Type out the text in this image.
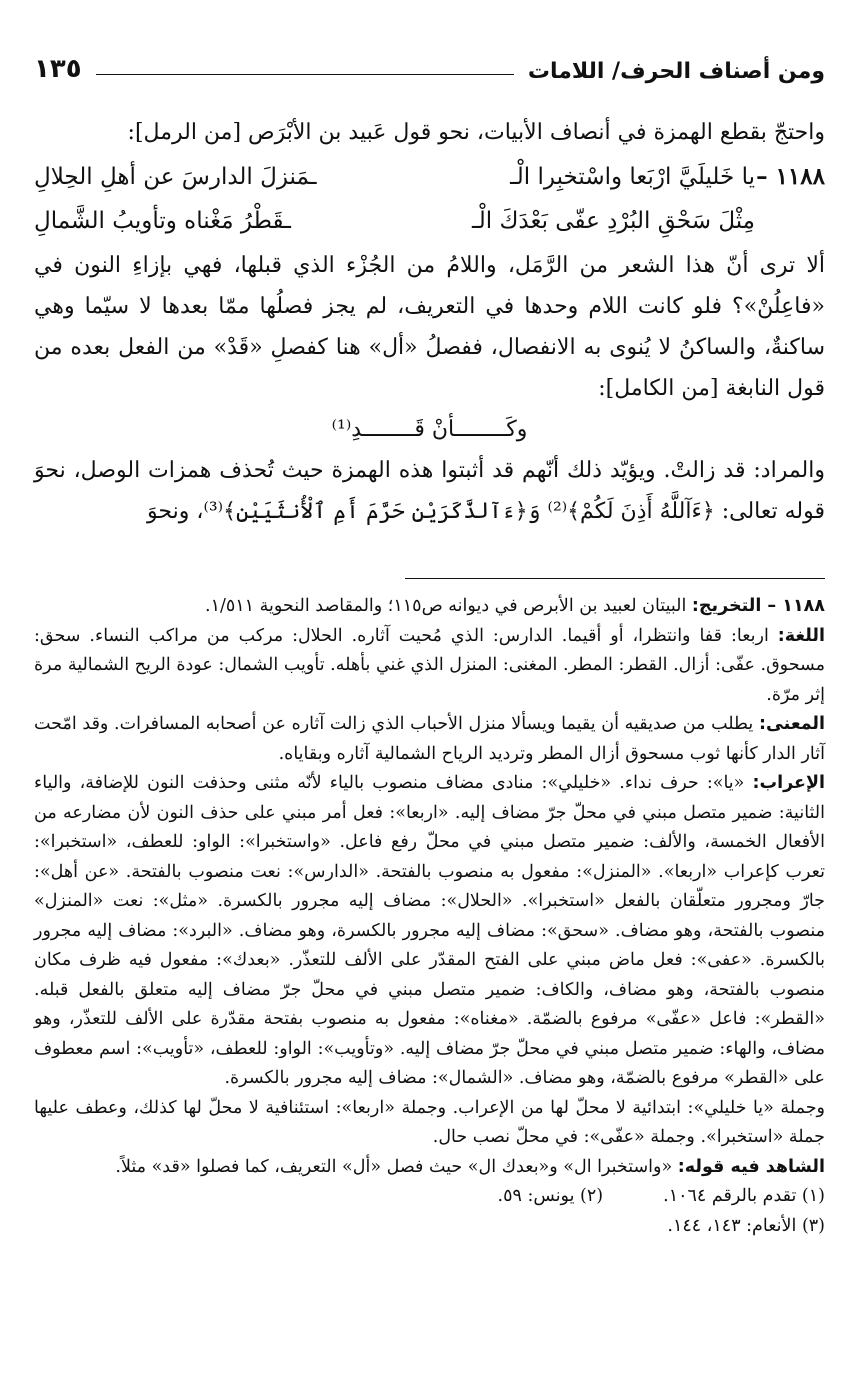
ومن أصناف الحرف/ اللامات
١٣٥

واحتجّ بقطع الهمزة في أنصاف الأبيات، نحو قول عَبيد بن الأبْرَص [من الرمل]:

١١٨٨ –
يا خَليلَيَّ ارْبَعا واسْتخبِرا الْـ
ـمَنزلَ الدارسَ عن أهلِ الحِلالِ
مِثْلَ سَحْقِ البُرْدِ عفّى بَعْدَكَ الْـ
ـقَطْرُ مَغْناه وتأويبُ الشَّمالِ

ألا ترى أنّ هذا الشعر من الرَّمَل، واللامُ من الجُزْء الذي قبلها، فهي بإزاءِ النون في «فاعِلُنْ»؟ فلو كانت اللام وحدها في التعريف، لم يجز فصلُها ممّا بعدها لا سيّما وهي ساكنةٌ، والساكنُ لا يُنوى به الانفصال، ففصلُ «أل» هنا كفصلِ «قَدْ» من الفعل بعده من قول النابغة [من الكامل]:

وكَــــــــأنْ قَــــــــدِ⁽¹⁾

والمراد: قد زالتْ. ويؤيّد ذلك أنّهم قد أثبتوا هذه الهمزة حيث تُحذف همزات الوصل، نحوَ قوله تعالى: ﴿ءَآللَّهُ أَذِنَ لَكُمْ﴾⁽²⁾ وَ﴿ءَآلذَّكَرَيْنِ حَرَّمَ أَمِ ٱلْأُنثَيَيْنِ﴾⁽³⁾، ونحوَ

١١٨٨ – التخريج: البيتان لعبيد بن الأبرص في ديوانه ص١١٥؛ والمقاصد النحوية ١/٥١١.

اللغة: اربعا: قفا وانتظرا، أو أقيما. الدارس: الذي مُحيت آثاره. الحلال: مركب من مراكب النساء. سحق: مسحوق. عفّى: أزال. القطر: المطر. المغنى: المنزل الذي غني بأهله. تأويب الشمال: عودة الريح الشمالية مرة إثر مرّة.

المعنى: يطلب من صديقيه أن يقيما ويسألا منزل الأحباب الذي زالت آثاره عن أصحابه المسافرات. وقد امّحت آثار الدار كأنها ثوب مسحوق أزال المطر وترديد الرياح الشمالية آثاره وبقاياه.

الإعراب: «يا»: حرف نداء. «خليلي»: منادى مضاف منصوب بالياء لأنّه مثنى وحذفت النون للإضافة، والياء الثانية: ضمير متصل مبني في محلّ جرّ مضاف إليه. «اربعا»: فعل أمر مبني على حذف النون لأن مضارعه من الأفعال الخمسة، والألف: ضمير متصل مبني في محلّ رفع فاعل. «واستخبرا»: الواو: للعطف، «استخبرا»: تعرب كإعراب «اربعا». «المنزل»: مفعول به منصوب بالفتحة. «الدارس»: نعت منصوب بالفتحة. «عن أهل»: جارّ ومجرور متعلّقان بالفعل «استخبرا». «الحلال»: مضاف إليه مجرور بالكسرة. «مثل»: نعت «المنزل» منصوب بالفتحة، وهو مضاف. «سحق»: مضاف إليه مجرور بالكسرة، وهو مضاف. «البرد»: مضاف إليه مجرور بالكسرة. «عفى»: فعل ماض مبني على الفتح المقدّر على الألف للتعذّر. «بعدك»: مفعول فيه ظرف مكان منصوب بالفتحة، وهو مضاف، والكاف: ضمير متصل مبني في محلّ جرّ مضاف إليه متعلق بالفعل قبله. «القطر»: فاعل «عفّى» مرفوع بالضمّة. «مغناه»: مفعول به منصوب بفتحة مقدّرة على الألف للتعذّر، وهو مضاف، والهاء: ضمير متصل مبني في محلّ جرّ مضاف إليه. «وتأويب»: الواو: للعطف، «تأويب»: اسم معطوف على «القطر» مرفوع بالضمّة، وهو مضاف. «الشمال»: مضاف إليه مجرور بالكسرة.

وجملة «يا خليلي»: ابتدائية لا محلّ لها من الإعراب. وجملة «اربعا»: استئنافية لا محلّ لها كذلك، وعطف عليها جملة «استخبرا». وجملة «عفّى»: في محلّ نصب حال.

الشاهد فيه قوله: «واستخبرا ال» و«بعدك ال» حيث فصل «أل» التعريف، كما فصلوا «قد» مثلاً.

(١) تقدم بالرقم ١٠٦٤.
(٢) يونس: ٥٩.

(٣) الأنعام: ١٤٣، ١٤٤.
